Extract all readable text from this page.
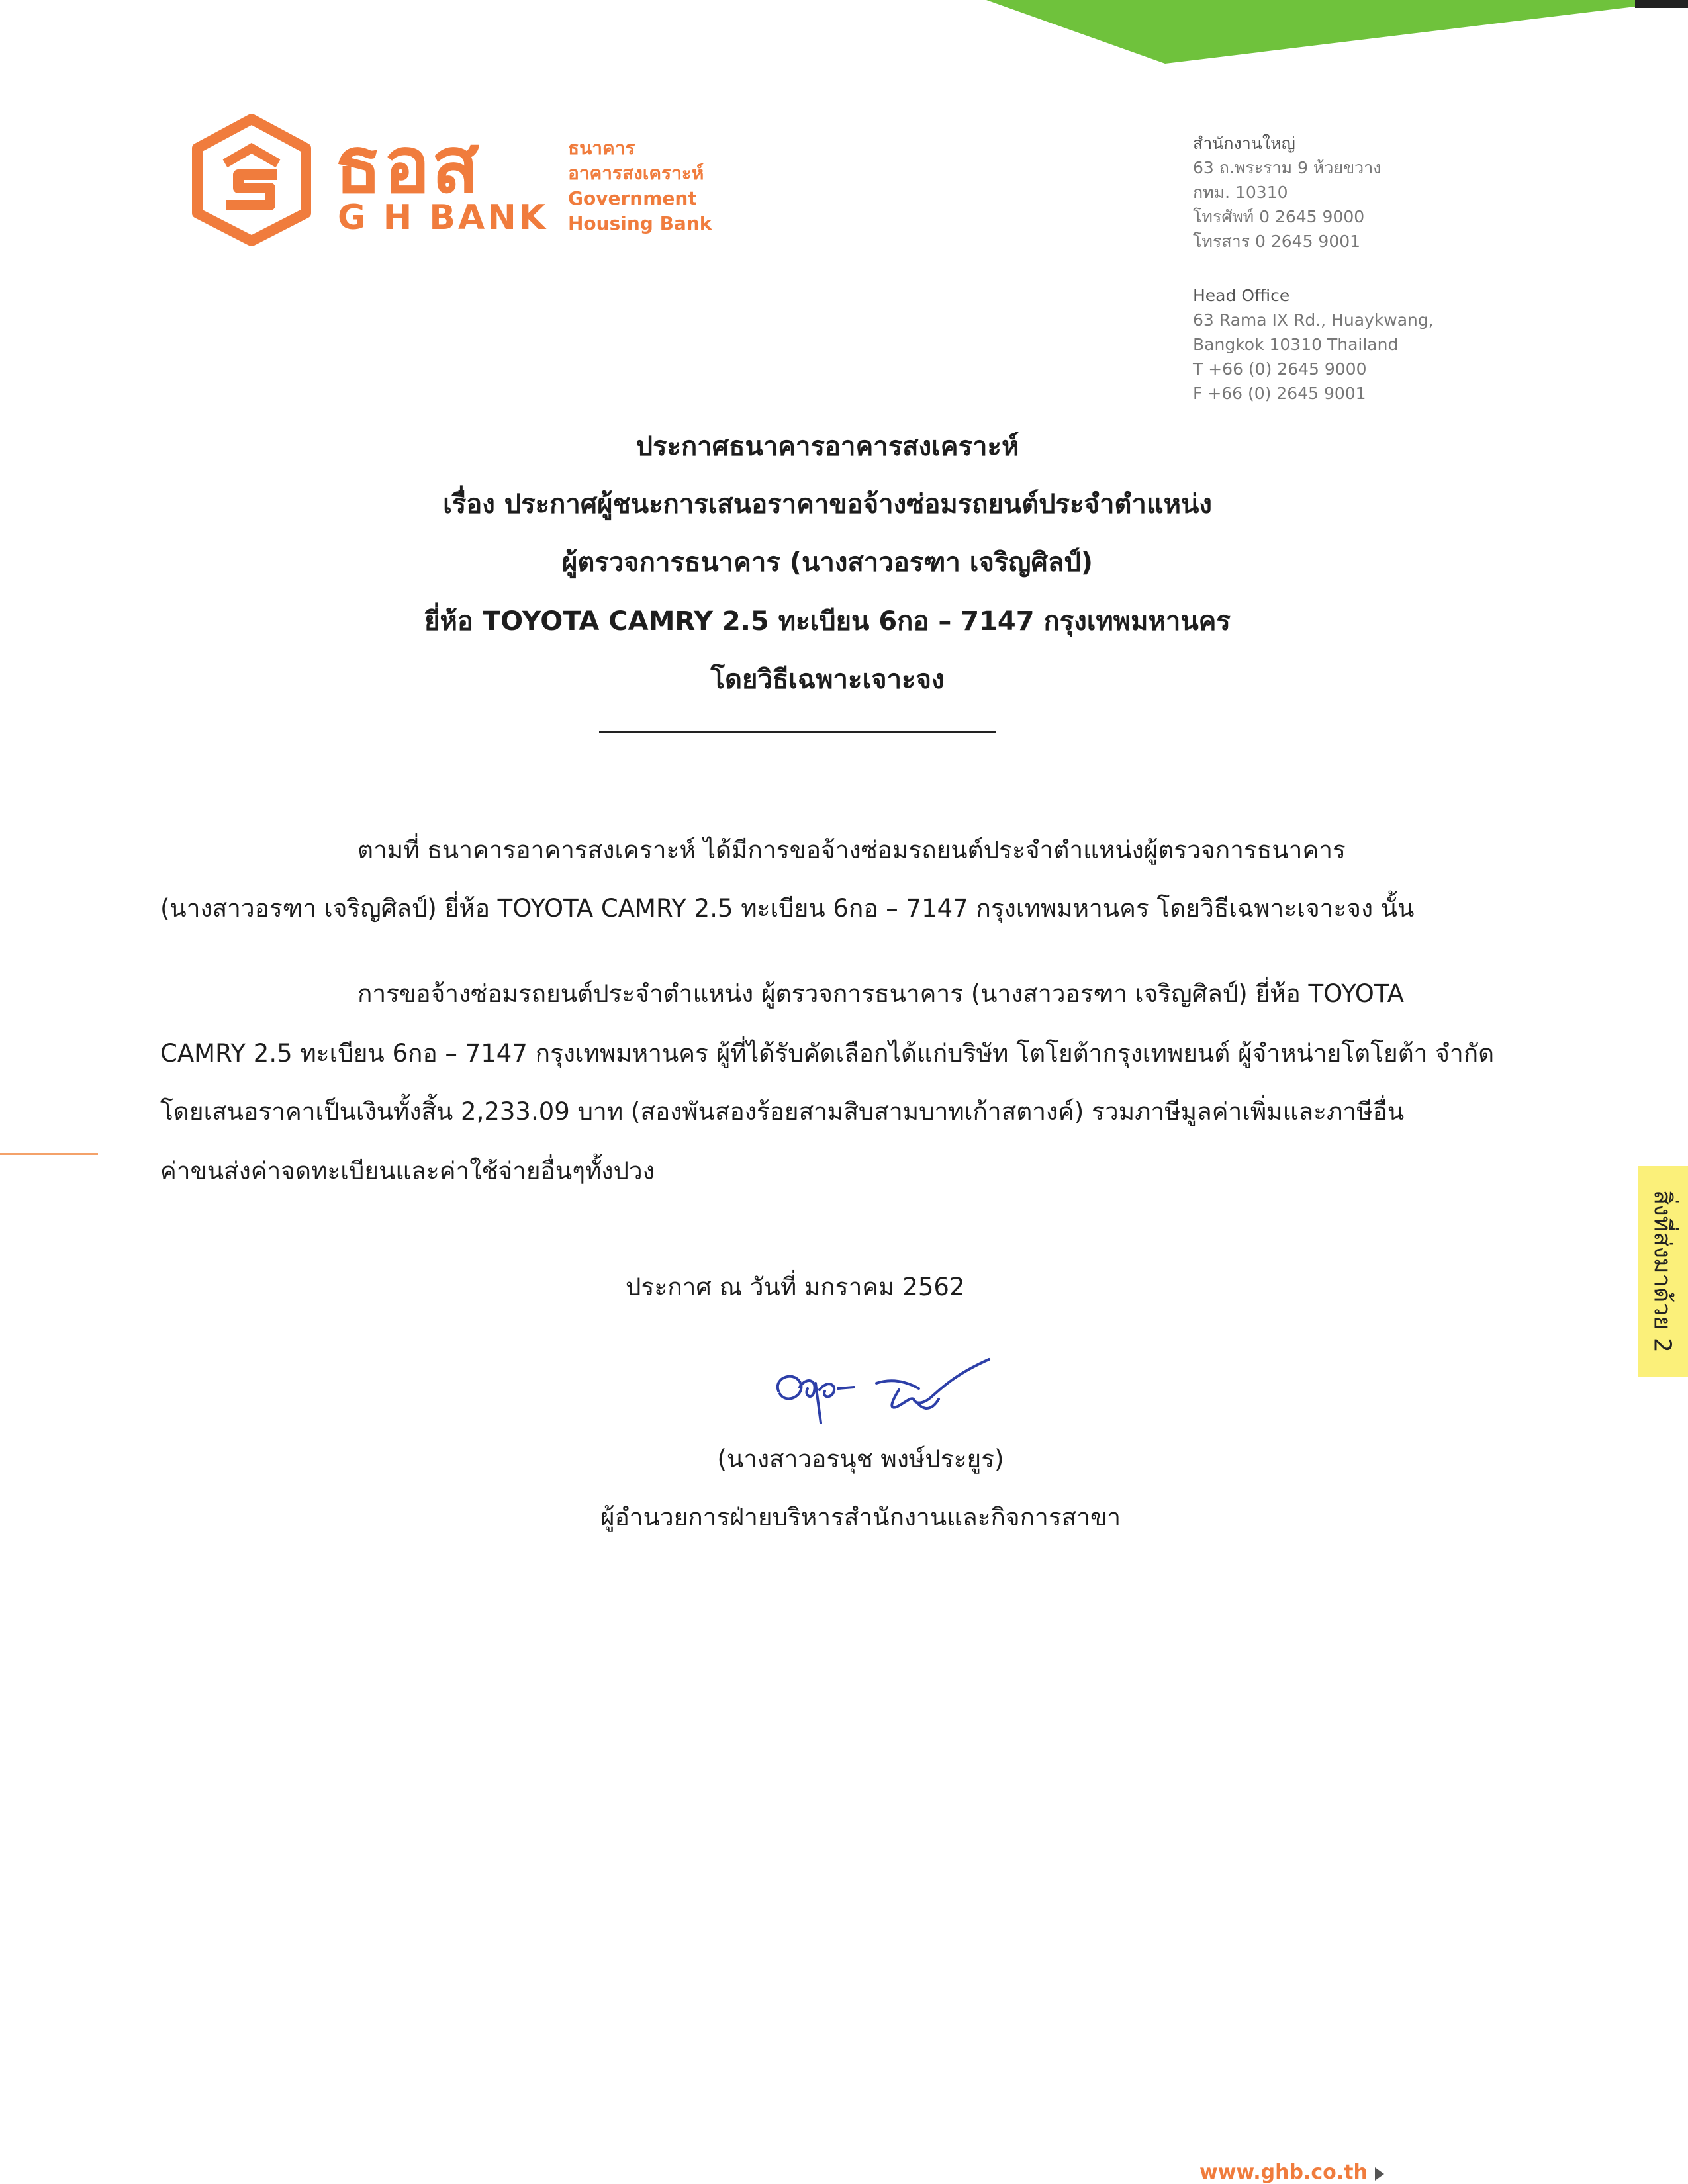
ธอส
G H BANK
ธนาคาร
อาคารสงเคราะห์
Government
Housing Bank
สำนักงานใหญ่
63 ถ.พระราม 9 ห้วยขวาง
กทม. 10310
โทรศัพท์ 0 2645 9000
โทรสาร 0 2645 9001
Head Office
63 Rama IX Rd., Huaykwang,
Bangkok 10310 Thailand
T +66 (0) 2645 9000
F +66 (0) 2645 9001
ประกาศธนาคารอาคารสงเคราะห์
เรื่อง ประกาศผู้ชนะการเสนอราคาขอจ้างซ่อมรถยนต์ประจำตำแหน่ง
ผู้ตรวจการธนาคาร (นางสาวอรฑา เจริญศิลป์)
ยี่ห้อ TOYOTA CAMRY 2.5 ทะเบียน 6กอ – 7147 กรุงเทพมหานคร
โดยวิธีเฉพาะเจาะจง
ตามที่ ธนาคารอาคารสงเคราะห์ ได้มีการขอจ้างซ่อมรถยนต์ประจำตำแหน่งผู้ตรวจการธนาคาร
(นางสาวอรฑา เจริญศิลป์) ยี่ห้อ TOYOTA CAMRY 2.5 ทะเบียน 6กอ – 7147 กรุงเทพมหานคร โดยวิธีเฉพาะเจาะจง นั้น
การขอจ้างซ่อมรถยนต์ประจำตำแหน่ง ผู้ตรวจการธนาคาร (นางสาวอรฑา เจริญศิลป์) ยี่ห้อ TOYOTA
CAMRY 2.5 ทะเบียน 6กอ – 7147 กรุงเทพมหานคร ผู้ที่ได้รับคัดเลือกได้แก่บริษัท โตโยต้ากรุงเทพยนต์ ผู้จำหน่ายโตโยต้า จำกัด
โดยเสนอราคาเป็นเงินทั้งสิ้น 2,233.09 บาท (สองพันสองร้อยสามสิบสามบาทเก้าสตางค์) รวมภาษีมูลค่าเพิ่มและภาษีอื่น
ค่าขนส่งค่าจดทะเบียนและค่าใช้จ่ายอื่นๆทั้งปวง
ประกาศ ณ วันที่ มกราคม 2562
(นางสาวอรนุช พงษ์ประยูร)
ผู้อำนวยการฝ่ายบริหารสำนักงานและกิจการสาขา
สิ่งที่ส่งมาด้วย 2
www.ghb.co.th
